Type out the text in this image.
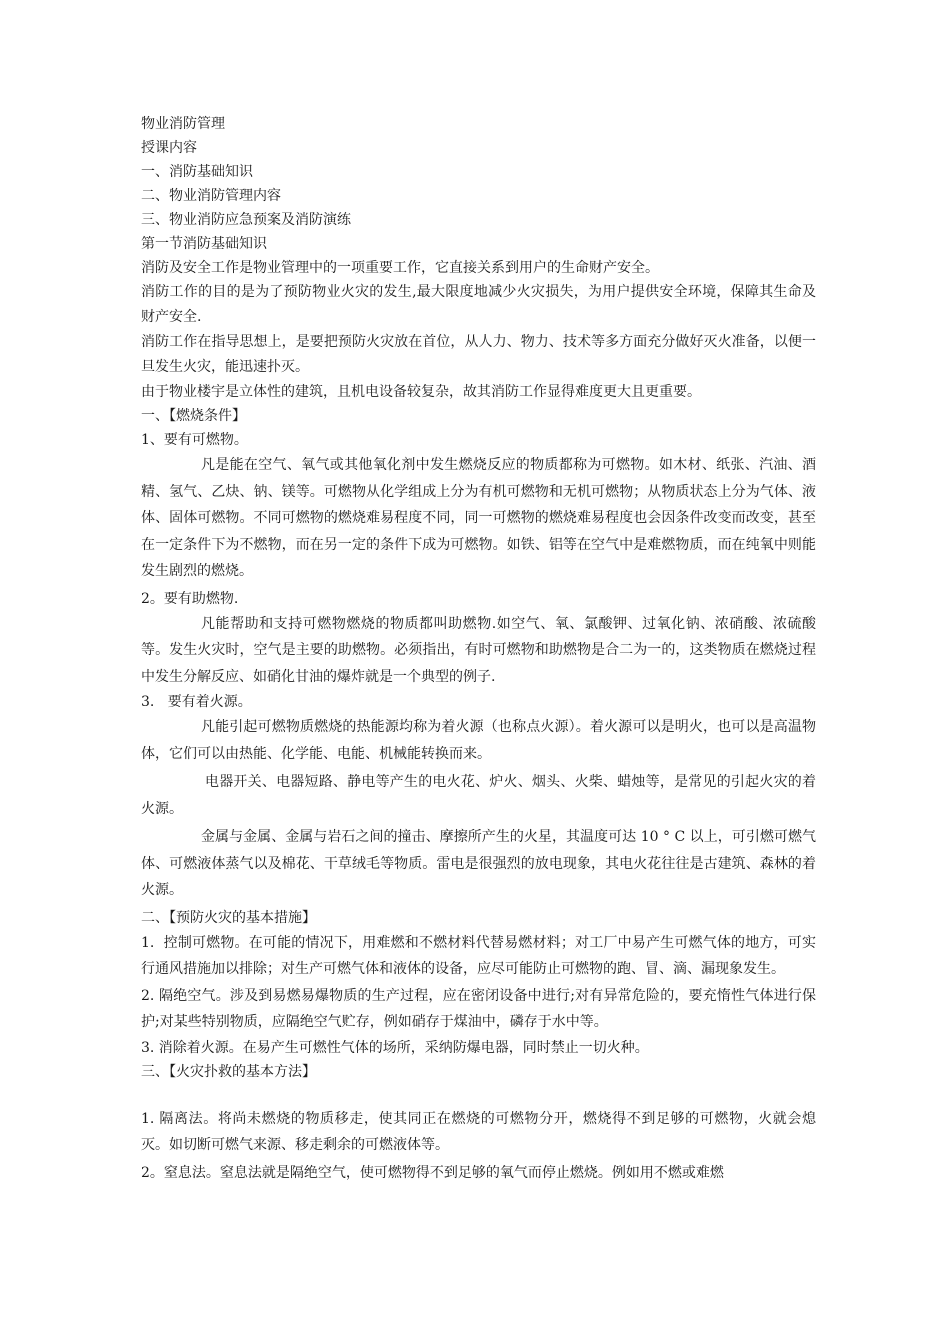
物业消防管理
授课内容
一、消防基础知识
二、物业消防管理内容
三、物业消防应急预案及消防演练
第一节消防基础知识
消防及安全工作是物业管理中的一项重要工作，它直接关系到用户的生命财产安全。
消防工作的目的是为了预防物业火灾的发生,最大限度地减少火灾损失，为用户提供安全环境，保障其生命及财产安全.
消防工作在指导思想上，是要把预防火灾放在首位，从人力、物力、技术等多方面充分做好灭火准备，以便一旦发生火灾，能迅速扑灭。
由于物业楼宇是立体性的建筑，且机电设备较复杂，故其消防工作显得难度更大且更重要。
一、【燃烧条件】
1、要有可燃物。
凡是能在空气、氧气或其他氧化剂中发生燃烧反应的物质都称为可燃物。如木材、纸张、汽油、酒精、氢气、乙炔、钠、镁等。可燃物从化学组成上分为有机可燃物和无机可燃物；从物质状态上分为气体、液体、固体可燃物。不同可燃物的燃烧难易程度不同，同一可燃物的燃烧难易程度也会因条件改变而改变，甚至在一定条件下为不燃物，而在另一定的条件下成为可燃物。如铁、铝等在空气中是难燃物质，而在纯氧中则能发生剧烈的燃烧。
2。要有助燃物.
凡能帮助和支持可燃物燃烧的物质都叫助燃物.如空气、氧、氯酸钾、过氧化钠、浓硝酸、浓硫酸等。发生火灾时，空气是主要的助燃物。必须指出，有时可燃物和助燃物是合二为一的，这类物质在燃烧过程中发生分解反应、如硝化甘油的爆炸就是一个典型的例子.
3.   要有着火源。
凡能引起可燃物质燃烧的热能源均称为着火源（也称点火源）。着火源可以是明火，也可以是高温物体，它们可以由热能、化学能、电能、机械能转换而来。
电器开关、电器短路、静电等产生的电火花、炉火、烟头、火柴、蜡烛等，是常见的引起火灾的着火源。
金属与金属、金属与岩石之间的撞击、摩擦所产生的火星，其温度可达 10 ° C 以上，可引燃可燃气体、可燃液体蒸气以及棉花、干草绒毛等物质。雷电是很强烈的放电现象，其电火花往往是古建筑、森林的着火源。
二、【预防火灾的基本措施】
1.  控制可燃物。在可能的情况下，用难燃和不燃材料代替易燃材料；对工厂中易产生可燃气体的地方，可实行通风措施加以排除；对生产可燃气体和液体的设备，应尽可能防止可燃物的跑、冒、滴、漏现象发生。
2. 隔绝空气。涉及到易燃易爆物质的生产过程，应在密闭设备中进行;对有异常危险的，要充惰性气体进行保护;对某些特别物质，应隔绝空气贮存，例如硝存于煤油中，磷存于水中等。
3. 消除着火源。在易产生可燃性气体的场所，采纳防爆电器，同时禁止一切火种。
三、【火灾扑救的基本方法】
1. 隔离法。将尚未燃烧的物质移走，使其同正在燃烧的可燃物分开，燃烧得不到足够的可燃物，火就会熄灭。如切断可燃气来源、移走剩余的可燃液体等。
2。窒息法。窒息法就是隔绝空气，使可燃物得不到足够的氧气而停止燃烧。例如用不燃或难燃
